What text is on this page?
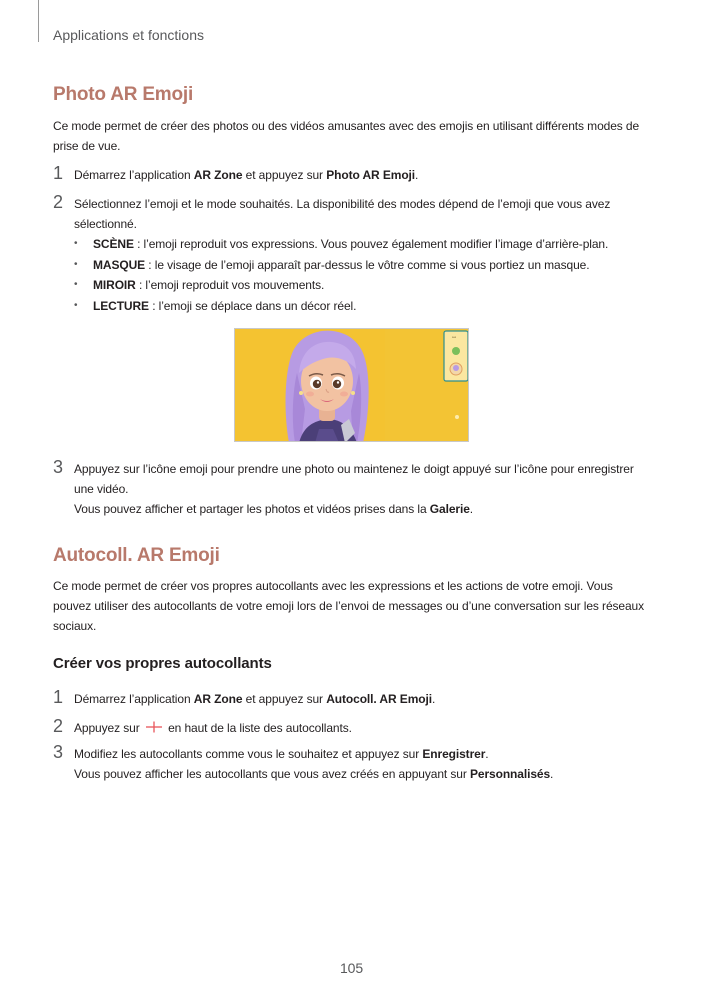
Applications et fonctions
Photo AR Emoji
Ce mode permet de créer des photos ou des vidéos amusantes avec des emojis en utilisant différents modes de prise de vue.
1 Démarrez l’application AR Zone et appuyez sur Photo AR Emoji.
2 Sélectionnez l’emoji et le mode souhaités. La disponibilité des modes dépend de l’emoji que vous avez sélectionné.
• SCÈNE : l’emoji reproduit vos expressions. Vous pouvez également modifier l’image d’arrière-plan.
• MASQUE : le visage de l’emoji apparaît par-dessus le vôtre comme si vous portiez un masque.
• MIROIR : l’emoji reproduit vos mouvements.
• LECTURE : l’emoji se déplace dans un décor réel.
ꟷ
3 Appuyez sur l’icône emoji pour prendre une photo ou maintenez le doigt appuyé sur l’icône pour enregistrer une vidéo.
Vous pouvez afficher et partager les photos et vidéos prises dans la Galerie.
Autocoll. AR Emoji
Ce mode permet de créer vos propres autocollants avec les expressions et les actions de votre emoji. Vous pouvez utiliser des autocollants de votre emoji lors de l’envoi de messages ou d’une conversation sur les réseaux sociaux.
Créer vos propres autocollants
1 Démarrez l’application AR Zone et appuyez sur Autocoll. AR Emoji.
2 Appuyez sur  en haut de la liste des autocollants.
3 Modifiez les autocollants comme vous le souhaitez et appuyez sur Enregistrer.
Vous pouvez afficher les autocollants que vous avez créés en appuyant sur Personnalisés.
105
